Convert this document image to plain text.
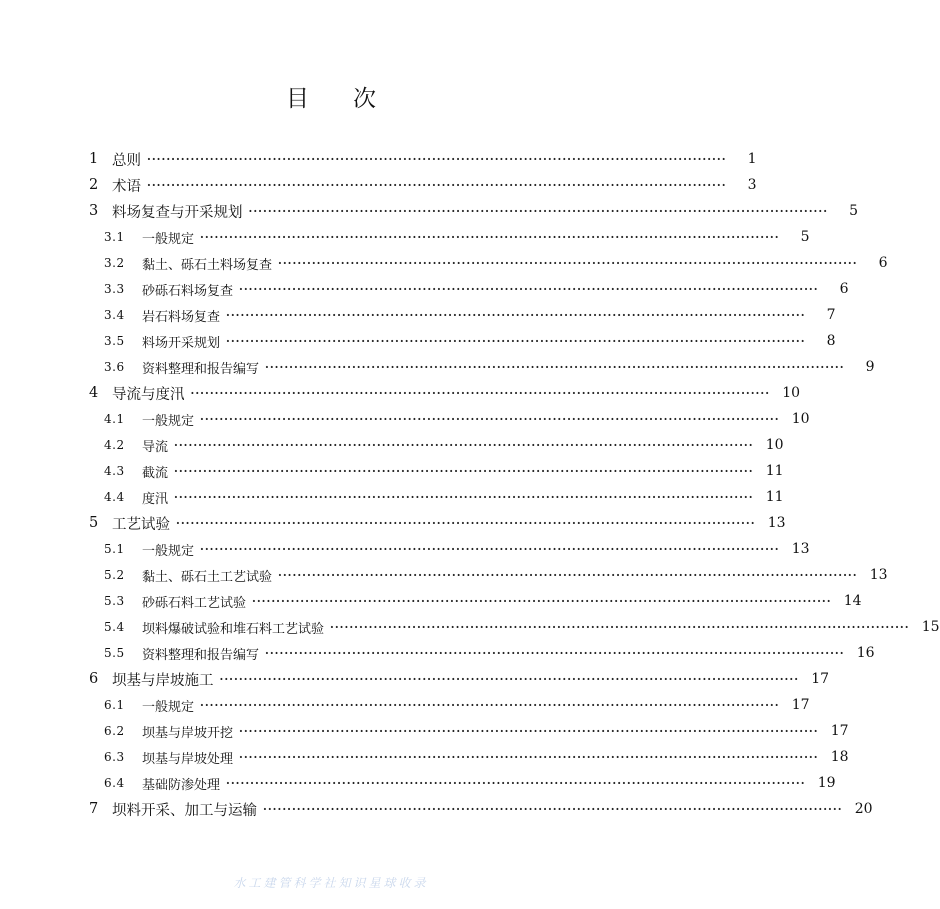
目 次
1 总则 ························································································································	1
2 术语 ························································································································	3
3 料场复查与开采规划 ························································································································	5
3.1 一般规定 ························································································································	5
3.2 黏土、砾石土料场复查 ························································································································	6
3.3 砂砾石料场复查 ························································································································	6
3.4 岩石料场复查 ························································································································	7
3.5 料场开采规划 ························································································································	8
3.6 资料整理和报告编写 ························································································································	9
4 导流与度汛 ························································································································ 10
4.1 一般规定 ························································································································ 10
4.2 导流 ························································································································ 10
4.3 截流 ························································································································ 11
4.4 度汛 ························································································································ 11
5 工艺试验 ························································································································ 13
5.1 一般规定 ························································································································ 13
5.2 黏土、砾石土工艺试验 ························································································································ 13
5.3 砂砾石料工艺试验 ························································································································ 14
5.4 坝料爆破试验和堆石料工艺试验 ························································································································ 15
5.5 资料整理和报告编写 ························································································································ 16
6 坝基与岸坡施工 ························································································································ 17
6.1 一般规定 ························································································································ 17
6.2 坝基与岸坡开挖 ························································································································ 17
6.3 坝基与岸坡处理 ························································································································ 18
6.4 基础防渗处理 ························································································································ 19
7 坝料开采、加工与运输 ························································································································ 20
水工建管科学社知识星球收录
